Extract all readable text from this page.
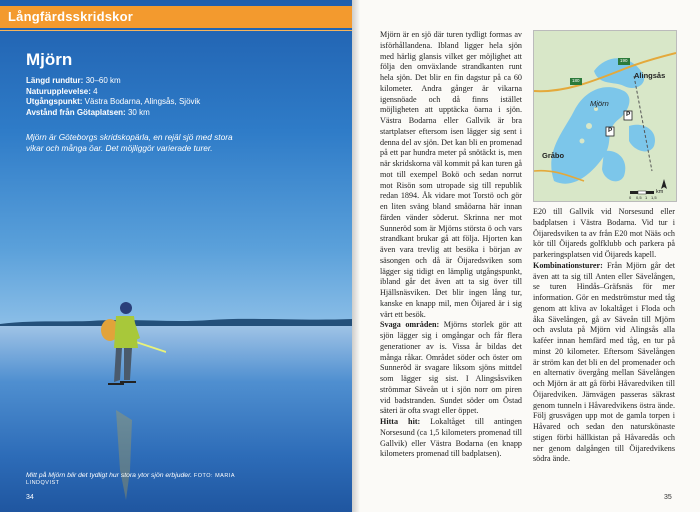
Långfärdsskridskor
Mjörn
Längd rundtur: 30–60 km
Naturupplevelse: 4
Utgångspunkt: Västra Bodarna, Alingsås, Sjövik
Avstånd från Götaplatsen: 30 km
Mjörn är Göteborgs skridskopärla, en rejäl sjö med stora vikar och många öar. Det möjliggör varierade turer.
Mitt på Mjörn blir det tydligt hur stora ytor sjön erbjuder. FOTO: MARIA LINDQVIST
34

Mjörn är en sjö där turen tydligt formas av isförhållandena. Ibland ligger hela sjön med härlig glansis vilket ger möjlighet att följa den omväxlande strandkanten runt hela sjön. Det blir en fin dagstur på ca 60 kilometer. Andra gånger är vikarna igensnöade och då finns istället möjligheten att upptäcka öarna i sjön. Västra Bodarna eller Gallvik är bra startplatser eftersom isen lägger sig sent i denna del av sjön. Det kan bli en promenad på ett par hundra meter på snötäckt is, men när skridskorna väl kommit på kan turen gå mot till exempel Bokö och sedan norrut mot Risön som utropade sig till republik redan 1894. Åk vidare mot Torstö och gör en liten sväng bland småöarna här innan färden vänder söderut. Skrinna ner mot Sunneröd som är Mjörns största ö och vars strandkant brukar gå att följa. Hjorten kan även vara trevlig att besöka i början av säsongen och då är Öijaredsviken som lägger sig tidigt en lämplig utgångspunkt, ibland går det även att ta sig över till Hjällsnäsviken. Det blir ingen lång tur, kanske en knapp mil, men Öijared är i sig värt ett besök.

Svaga områden: Mjörns storlek gör att sjön lägger sig i omgångar och får flera generationer av is. Vissa år bildas det många råkar. Området söder och öster om Sunneröd är svagare liksom sjöns mittdel som lägger sig sist. I Alingsåsviken strömmar Säveån ut i sjön norr om piren vid badstranden. Sundet söder om Östad säteri är ofta svagt eller öppet.

Hitta hit: Lokaltåget till antingen Norsesund (ca 1,5 kilometers promenad till Gallvik) eller Västra Bodarna (en knapp kilometers promenad till badplatsen).

Alingsås
Mjörn
Gråbo
190
180
P
P
km
0 0,5 1 1,5

E20 till Gallvik vid Norsesund eller badplatsen i Västra Bodarna. Vid tur i Öijaredsviken ta av från E20 mot Nääs och kör till Öijareds golfklubb och parkera på parkeringsplatsen vid Öijareds kapell.

Kombinationsturer: Från Mjörn går det även att ta sig till Anten eller Sävelången, se turen Hindås–Gräfsnäs för mer information. Gör en medströmstur med tåg genom att kliva av lokaltåget i Floda och åka Sävelången, gå av Säveån till Mjörn och avsluta på Mjörn vid Alingsås alla kaféer innan hemfärd med tåg, en tur på minst 20 kilometer. Eftersom Sävelången är ström kan det bli en del promenader och en alternativ övergång mellan Sävelången och Mjörn är att gå förbi Håvaredviken till Öijaredviken. Järnvägen passeras säkrast genom tunneln i Håvaredvikens östra ände. Följ grusvägen upp mot de gamla torpen i Håvared och sedan den naturskönaste stigen förbi hällkistan på Håvaredås och ner genom dalgången till Öijaredvikens södra ände.

35
